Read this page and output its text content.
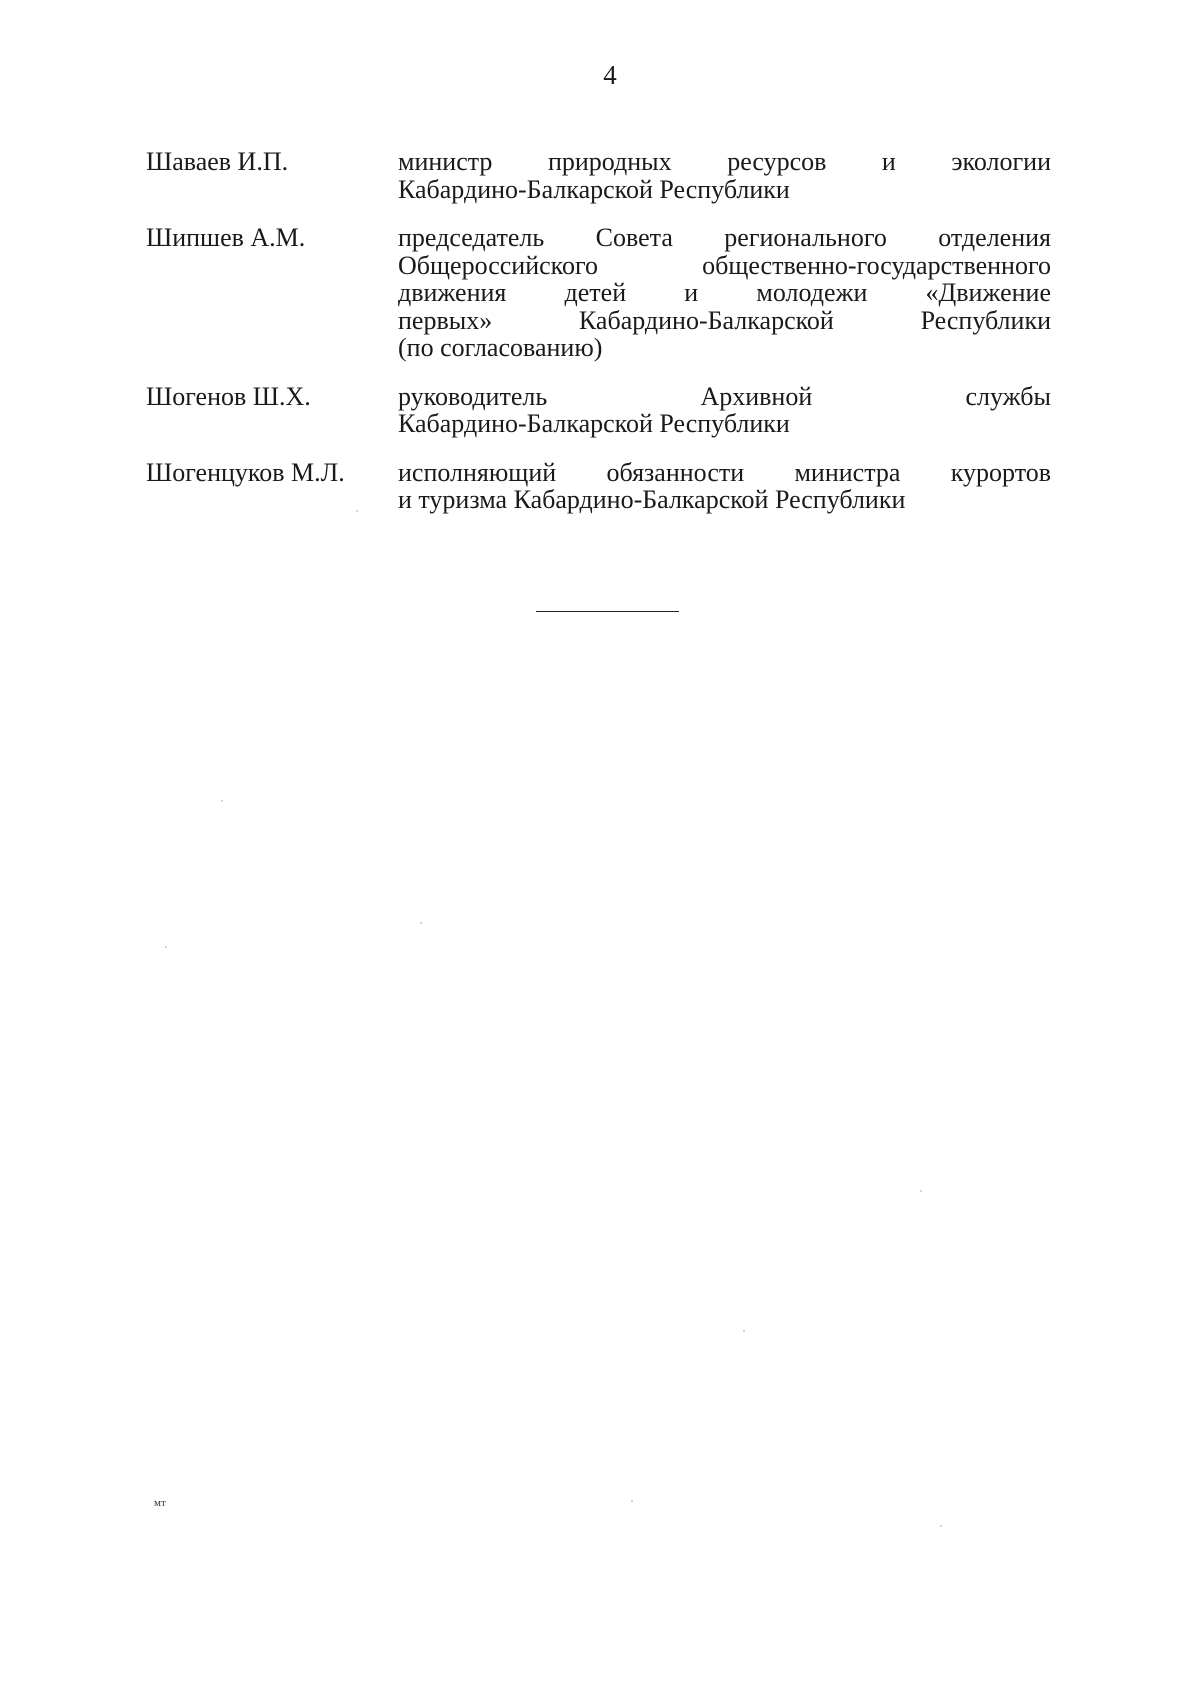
4
Шаваев И.П.	министр природных ресурсов и экологии
Кабардино-Балкарской Республики
Шипшев А.М.	председатель Совета регионального отделения
Общероссийского общественно-государственного
движения детей и молодежи «Движение
первых» Кабардино-Балкарской Республики
(по согласованию)
Шогенов Ш.Х.	руководитель Архивной службы
Кабардино-Балкарской Республики
Шогенцуков М.Л.	исполняющий обязанности министра курортов
и туризма Кабардино-Балкарской Республики
мт
